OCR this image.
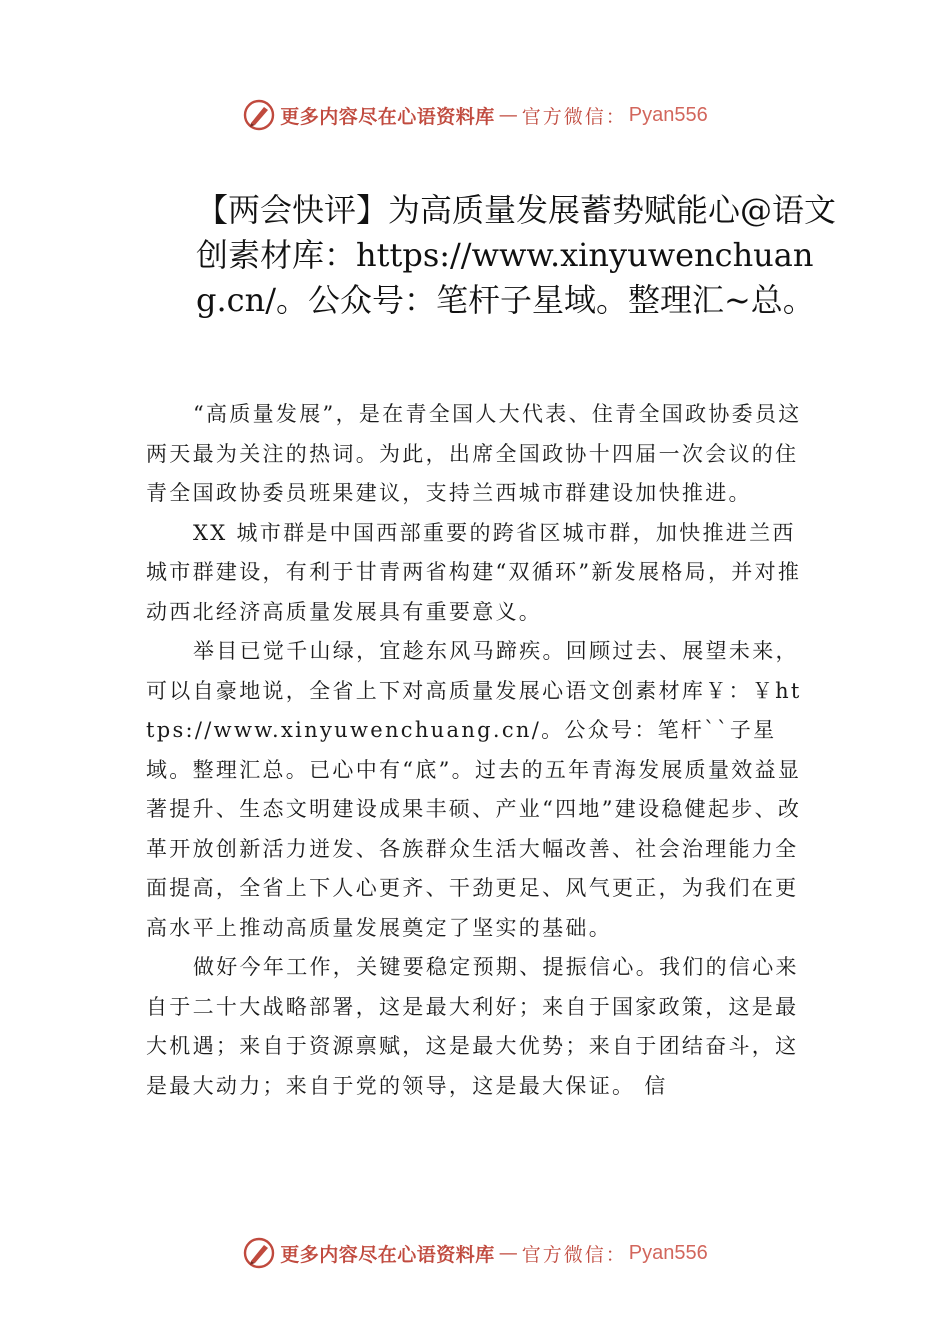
更多内容尽在心语资料库 — 官方微信： Pyan556
【两会快评】为高质量发展蓄势赋能心@语文创素材库：https://www.xinyuwenchuang.cn/。公众号：笔杆子星域。整理汇~总。

“高质量发展”，是在青全国人大代表、住青全国政协委员这两天最为关注的热词。为此，出席全国政协十四届一次会议的住青全国政协委员班果建议，支持兰西城市群建设加快推进。

XX 城市群是中国西部重要的跨省区城市群，加快推进兰西城市群建设，有利于甘青两省构建“双循环”新发展格局，并对推动西北经济高质量发展具有重要意义。

举目已觉千山绿，宜趁东风马蹄疾。回顾过去、展望未来，可以自豪地说，全省上下对高质量发展心语文创素材库￥：￥https://www.xinyuwenchuang.cn/。公众号：笔杆``子星域。整理汇总。已心中有“底”。过去的五年青海发展质量效益显著提升、生态文明建设成果丰硕、产业“四地”建设稳健起步、改革开放创新活力迸发、各族群众生活大幅改善、社会治理能力全面提高，全省上下人心更齐、干劲更足、风气更正，为我们在更高水平上推动高质量发展奠定了坚实的基础。

做好今年工作，关键要稳定预期、提振信心。我们的信心来自于二十大战略部署，这是最大利好；来自于国家政策，这是最大机遇；来自于资源禀赋，这是最大优势；来自于团结奋斗，这是最大动力；来自于党的领导，这是最大保证。 信

更多内容尽在心语资料库 — 官方微信： Pyan556
